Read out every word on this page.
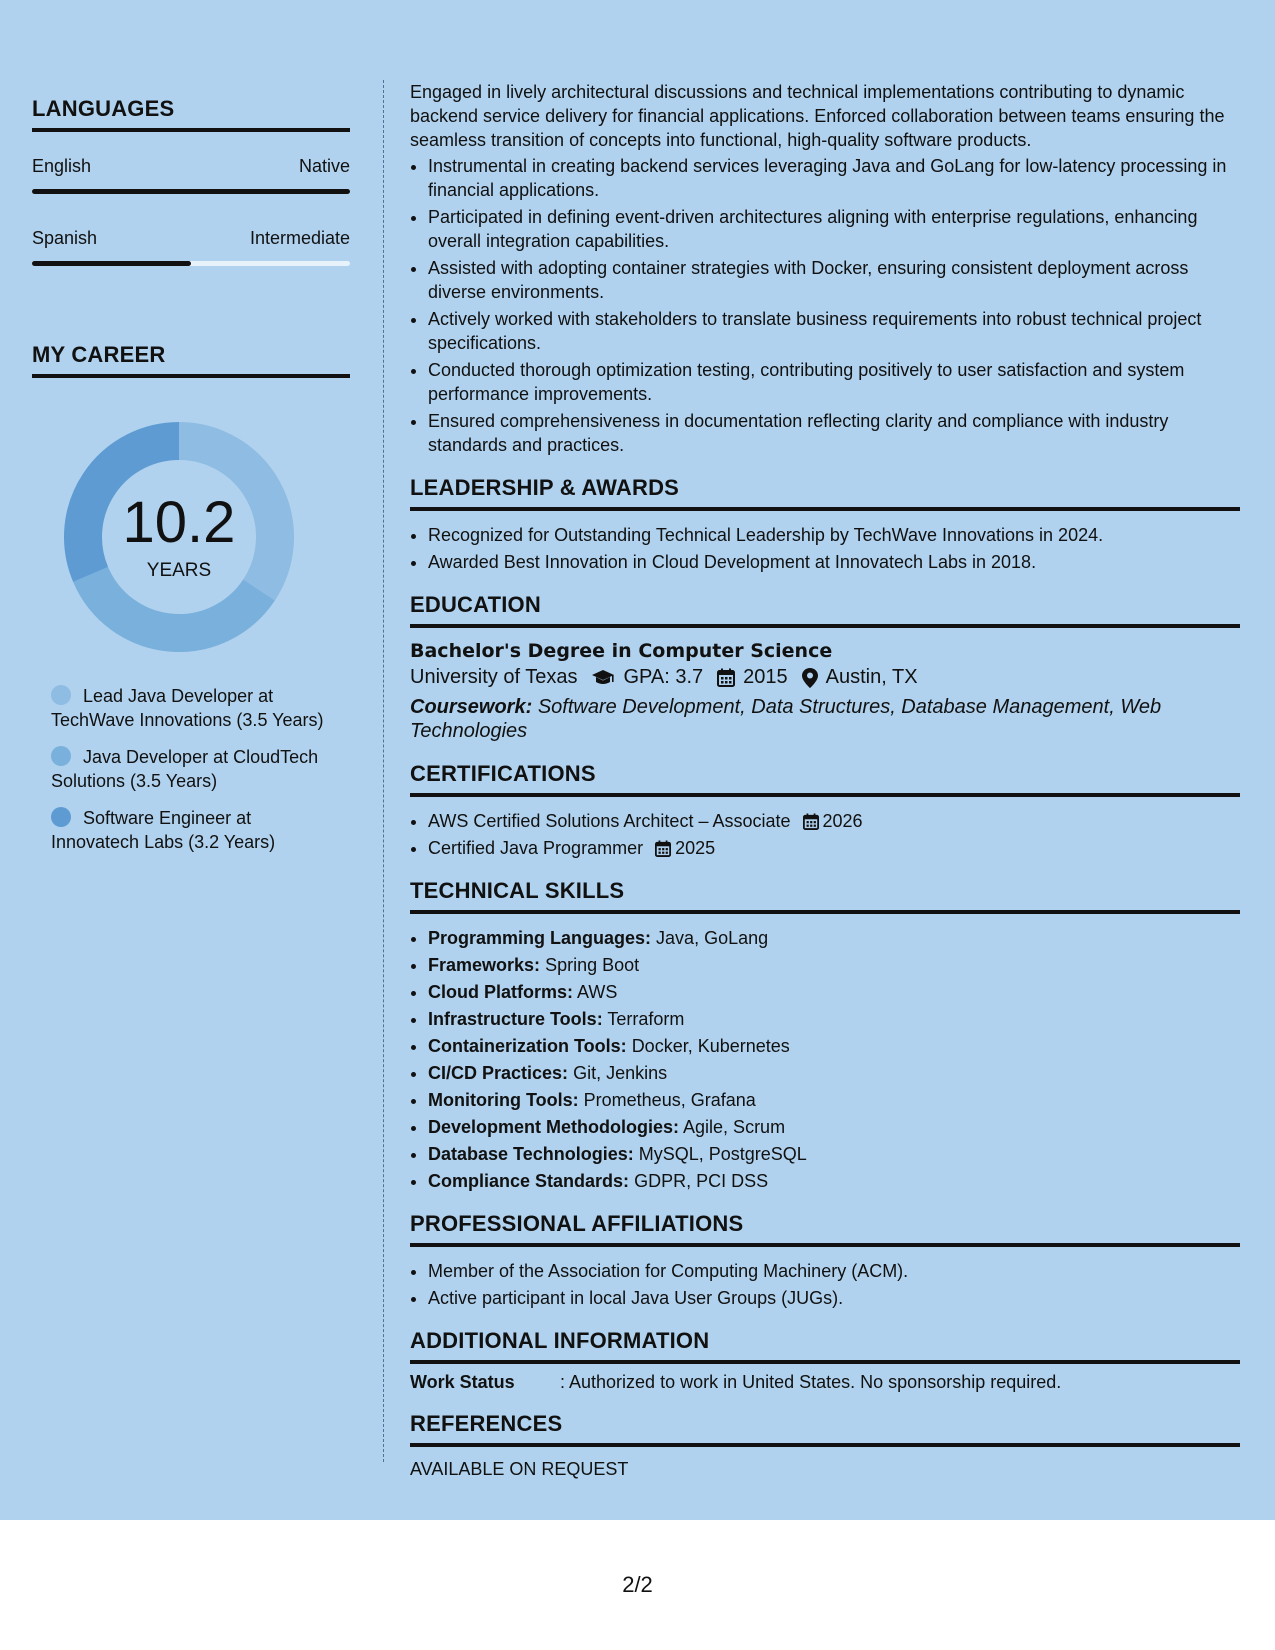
LANGUAGES
English	Native
Spanish	Intermediate
MY CAREER
10.2
YEARS
Lead Java Developer at TechWave Innovations (3.5 Years)
Java Developer at CloudTech Solutions (3.5 Years)
Software Engineer at Innovatech Labs (3.2 Years)

Engaged in lively architectural discussions and technical implementations contributing to dynamic backend service delivery for financial applications. Enforced collaboration between teams ensuring the seamless transition of concepts into functional, high-quality software products.

• Instrumental in creating backend services leveraging Java and GoLang for low-latency processing in financial applications.
• Participated in defining event-driven architectures aligning with enterprise regulations, enhancing overall integration capabilities.
• Assisted with adopting container strategies with Docker, ensuring consistent deployment across diverse environments.
• Actively worked with stakeholders to translate business requirements into robust technical project specifications.
• Conducted thorough optimization testing, contributing positively to user satisfaction and system performance improvements.
• Ensured comprehensiveness in documentation reflecting clarity and compliance with industry standards and practices.
LEADERSHIP & AWARDS
• Recognized for Outstanding Technical Leadership by TechWave Innovations in 2024.
• Awarded Best Innovation in Cloud Development at Innovatech Labs in 2018.
EDUCATION
Bachelor's Degree in Computer Science
University of Texas GPA: 3.7 2015 Austin, TX
Coursework: Software Development, Data Structures, Database Management, Web Technologies
CERTIFICATIONS
• AWS Certified Solutions Architect – Associate 2026
• Certified Java Programmer 2025
TECHNICAL SKILLS
• Programming Languages: Java, GoLang
• Frameworks: Spring Boot
• Cloud Platforms: AWS
• Infrastructure Tools: Terraform
• Containerization Tools: Docker, Kubernetes
• CI/CD Practices: Git, Jenkins
• Monitoring Tools: Prometheus, Grafana
• Development Methodologies: Agile, Scrum
• Database Technologies: MySQL, PostgreSQL
• Compliance Standards: GDPR, PCI DSS
PROFESSIONAL AFFILIATIONS
• Member of the Association for Computing Machinery (ACM).
• Active participant in local Java User Groups (JUGs).
ADDITIONAL INFORMATION
Work Status	: Authorized to work in United States. No sponsorship required.
REFERENCES
AVAILABLE ON REQUEST
2/2
